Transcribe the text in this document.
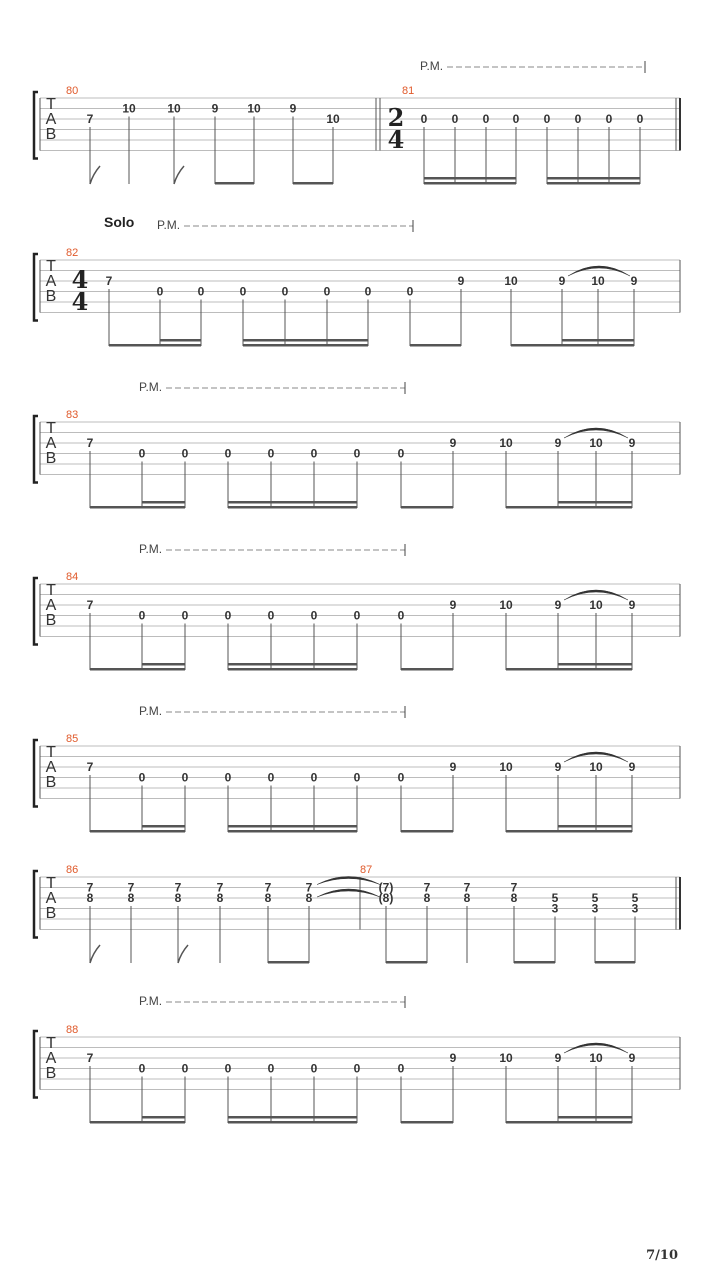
T
A
B
P.M.
80
7
10	10	9 10 9
10
81
2
4
0 0 0 0 0 0 0 0
T
A
B
P.M.
Solo
82
4
4
7
0	0	0	0	0	0	0
9	10	9 10 9
T
A
B
P.M.
83
7
0	0	0	0	0	0	0
9	10	9 10 9
T
A
B
P.M.
84
7
0	0	0	0	0	0	0
9	10	9 10 9
T
A
B
P.M.
85
7
0	0	0	0	0	0	0
9	10	9 10 9
T
A
B
86
7
8
7
8
7
8
7
8
7
8
7
8
87
(7)
(8)
7
8
7
8
7
8	5
3
5
3
5
3
T
A
B
P.M.
88
7
0	0	0	0	0	0	0
9	10	9 10 9
7/10
